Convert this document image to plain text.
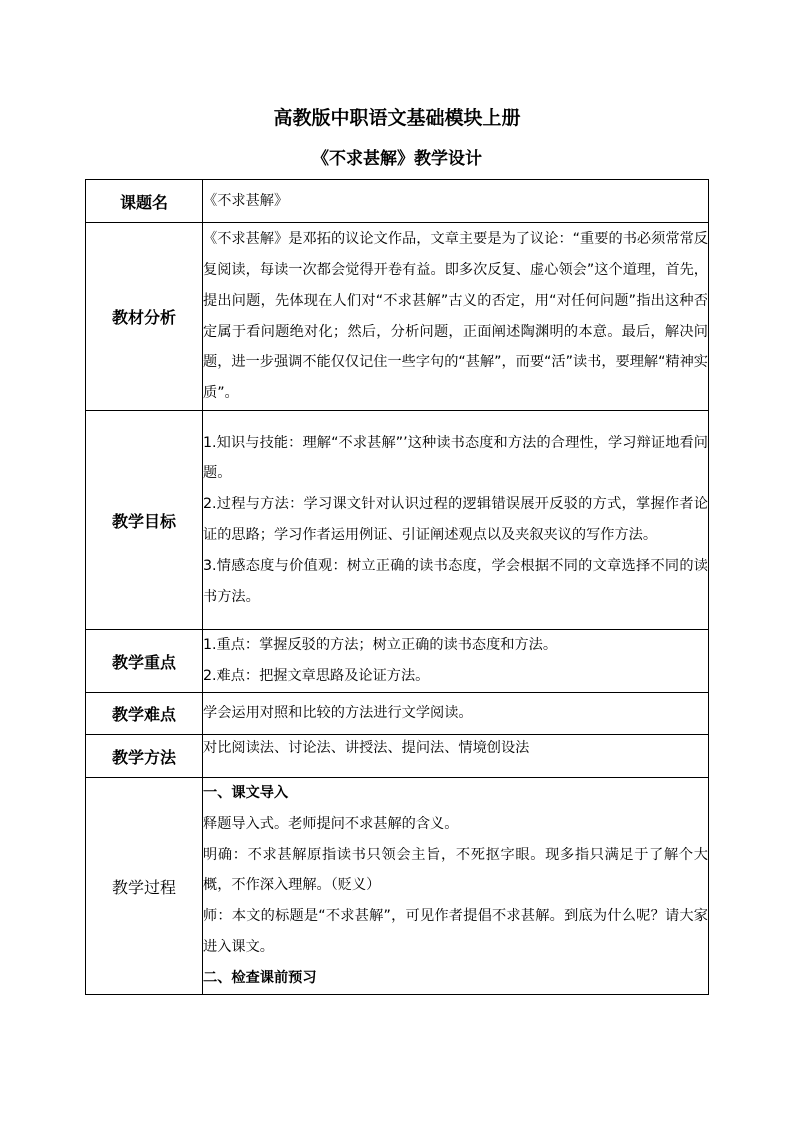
高教版中职语文基础模块上册
《不求甚解》教学设计
课题名	《不求甚解》
教材分析	《不求甚解》是邓拓的议论文作品，文章主要是为了议论：“重要的书必须常常反复阅读，每读一次都会觉得开卷有益。即多次反复、虚心领会”这个道理，首先，提出问题，先体现在人们对“不求甚解”古义的否定，用“对任何问题”指出这种否定属于看问题绝对化；然后，分析问题，正面阐述陶渊明的本意。最后，解决问题，进一步强调不能仅仅记住一些字句的“甚解”，而要“活”读书，要理解“精神实质”。
教学目标	1.知识与技能：理解“不求甚解”’这种读书态度和方法的合理性，学习辩证地看问题。

2.过程与方法：学习课文针对认识过程的逻辑错误展开反驳的方式，掌握作者论证的思路；学习作者运用例证、引证阐述观点以及夹叙夹议的写作方法。

3.情感态度与价值观：树立正确的读书态度，学会根据不同的文章选择不同的读书方法。

教学重点	1.重点：掌握反驳的方法；树立正确的读书态度和方法。

2.难点：把握文章思路及论证方法。

教学难点	学会运用对照和比较的方法进行文学阅读。
教学方法	对比阅读法、讨论法、讲授法、提问法、情境创设法
教学过程	一、课文导入

释题导入式。老师提问不求甚解的含义。

明确：不求甚解原指读书只领会主旨，不死抠字眼。现多指只满足于了解个大概，不作深入理解。（贬义）

师：本文的标题是“不求甚解”，可见作者提倡不求甚解。到底为什么呢？请大家进入课文。

二、检查课前预习
